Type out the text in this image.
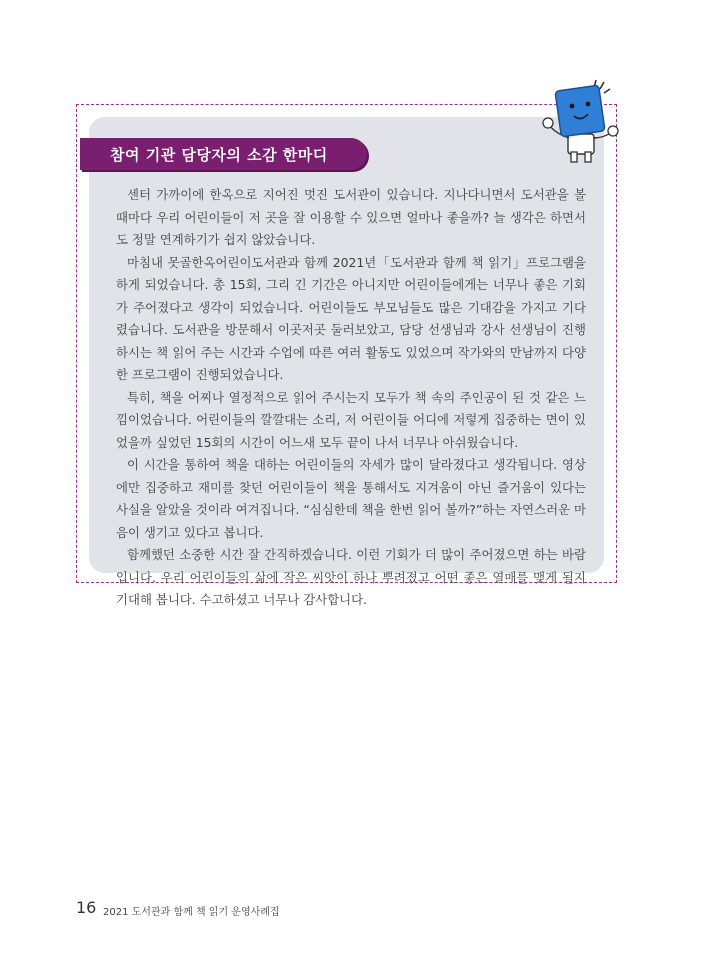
참여 기관 담당자의 소감 한마디

센터 가까이에 한옥으로 지어진 멋진 도서관이 있습니다. 지나다니면서 도서관을 볼 때마다 우리 어린이들이 저 곳을 잘 이용할 수 있으면 얼마나 좋을까? 늘 생각은 하면서도 정말 연계하기가 쉽지 않았습니다.

마침내 못골한옥어린이도서관과 함께 2021년「도서관과 함께 책 읽기」프로그램을 하게 되었습니다. 총 15회, 그리 긴 기간은 아니지만 어린이들에게는 너무나 좋은 기회가 주어졌다고 생각이 되었습니다. 어린이들도 부모님들도 많은 기대감을 가지고 기다렸습니다. 도서관을 방문해서 이곳저곳 둘러보았고, 담당 선생님과 강사 선생님이 진행하시는 책 읽어 주는 시간과 수업에 따른 여러 활동도 있었으며 작가와의 만남까지 다양한 프로그램이 진행되었습니다.

특히, 책을 어찌나 열정적으로 읽어 주시는지 모두가 책 속의 주인공이 된 것 같은 느낌이었습니다. 어린이들의 깔깔대는 소리, 저 어린이들 어디에 저렇게 집중하는 면이 있었을까 싶었던 15회의 시간이 어느새 모두 끝이 나서 너무나 아쉬웠습니다.

이 시간을 통하여 책을 대하는 어린이들의 자세가 많이 달라졌다고 생각됩니다. 영상에만 집중하고 재미를 찾던 어린이들이 책을 통해서도 지겨움이 아닌 즐거움이 있다는 사실을 알았을 것이라 여겨집니다. “심심한데 책을 한번 읽어 볼까?”하는 자연스러운 마음이 생기고 있다고 봅니다.

함께했던 소중한 시간 잘 간직하겠습니다. 이런 기회가 더 많이 주어졌으면 하는 바람입니다. 우리 어린이들의 삶에 작은 씨앗이 하나 뿌려졌고 어떤 좋은 열매를 맺게 될지 기대해 봅니다. 수고하셨고 너무나 감사합니다.

16 2021 도서관과 함께 책 읽기 운영사례집
